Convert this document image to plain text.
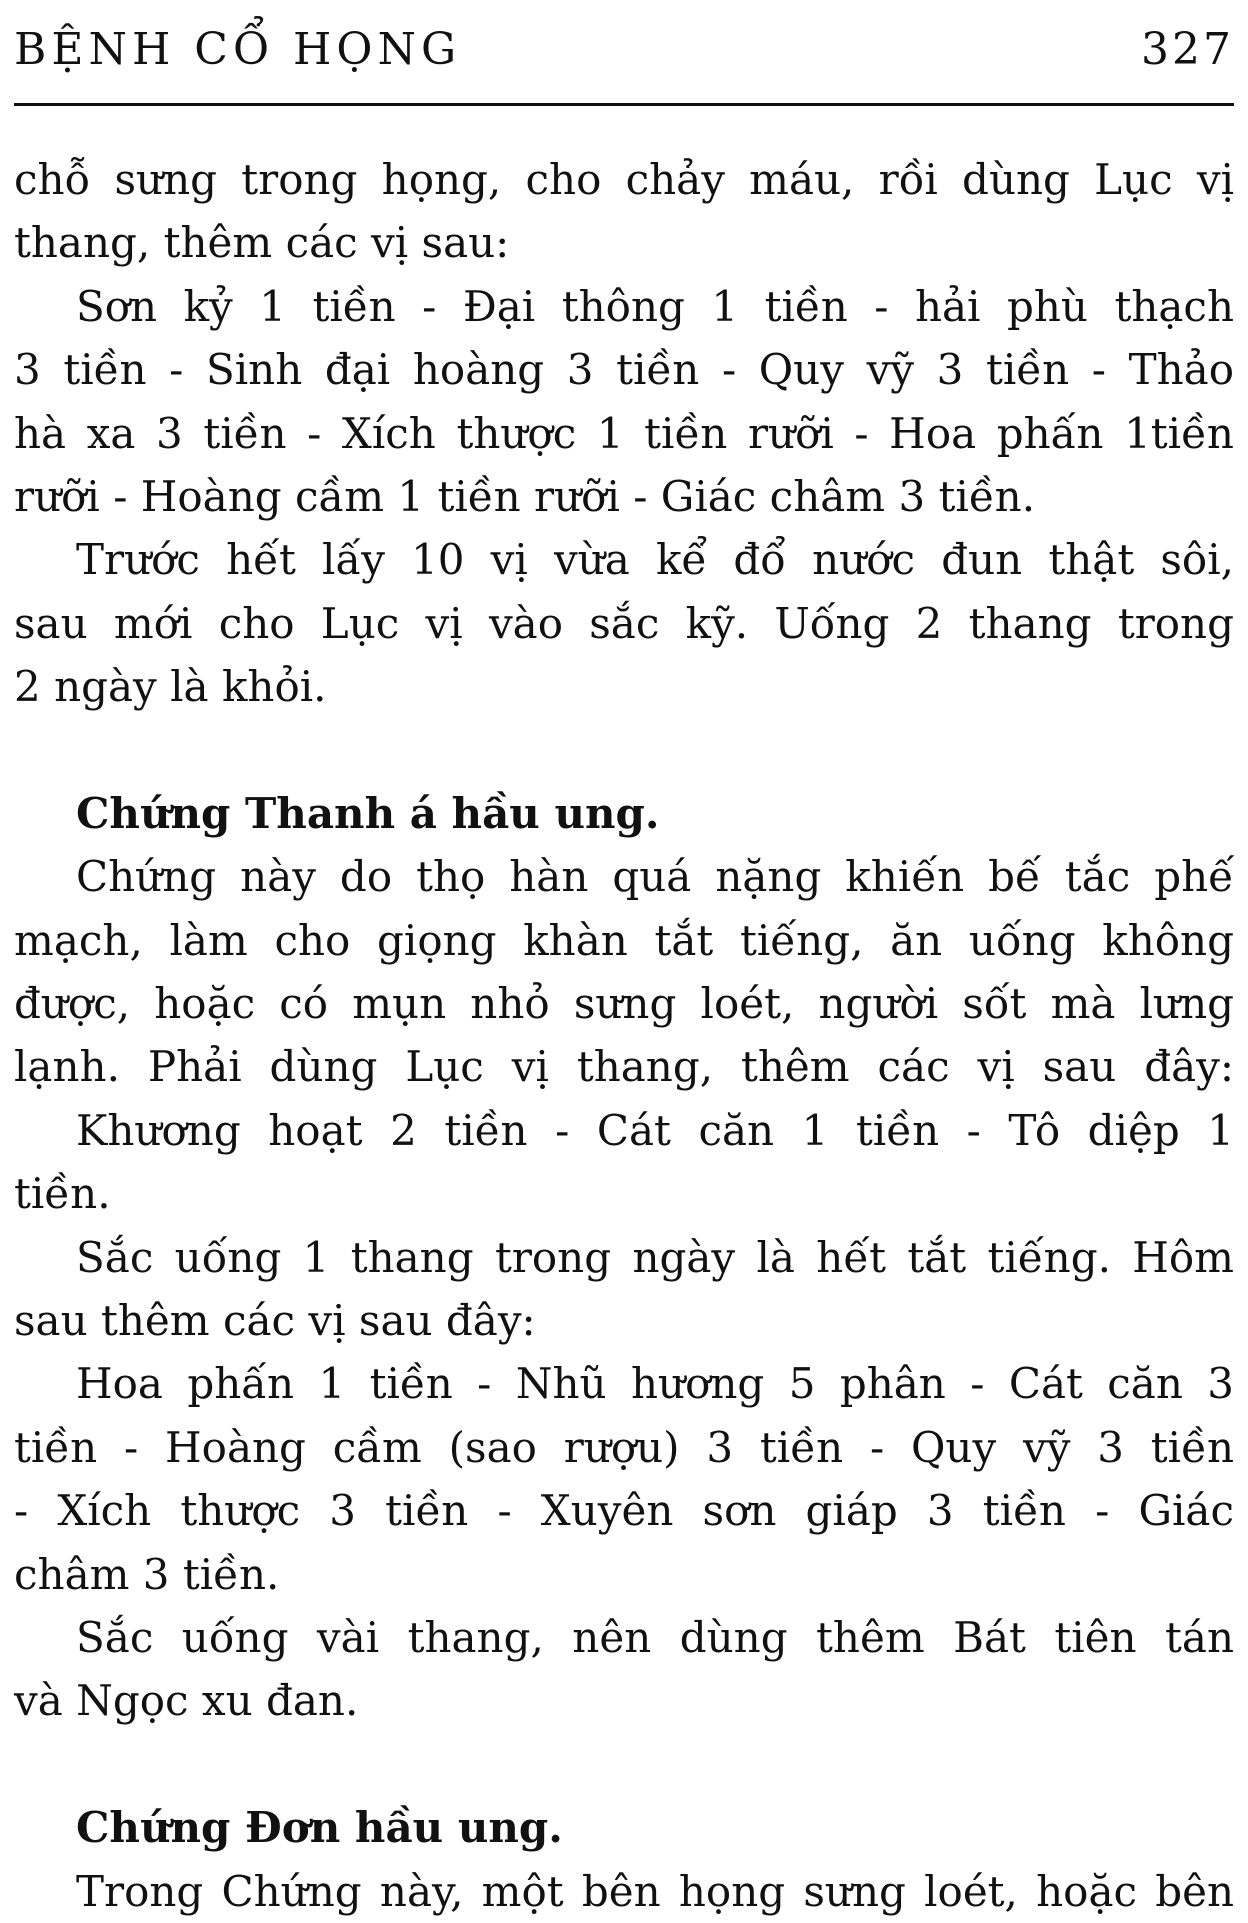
BỆNH CỔ HỌNG	327
chỗ sưng trong họng, cho chảy máu, rồi dùng Lục vị
thang, thêm các vị sau:
Sơn kỷ 1 tiền - Đại thông 1 tiền - hải phù thạch
3 tiền - Sinh đại hoàng 3 tiền - Quy vỹ 3 tiền - Thảo
hà xa 3 tiền - Xích thược 1 tiền rưỡi - Hoa phấn 1tiền
rưỡi - Hoàng cầm 1 tiền rưỡi - Giác châm 3 tiền.
Trước hết lấy 10 vị vừa kể đổ nước đun thật sôi,
sau mới cho Lục vị vào sắc kỹ. Uống 2 thang trong
2 ngày là khỏi.
Chứng Thanh á hầu ung.
Chứng này do thọ hàn quá nặng khiến bế tắc phế
mạch, làm cho giọng khàn tắt tiếng, ăn uống không
được, hoặc có mụn nhỏ sưng loét, người sốt mà lưng
lạnh. Phải dùng Lục vị thang, thêm các vị sau đây:
Khương hoạt 2 tiền - Cát căn 1 tiền - Tô diệp 1
tiền.
Sắc uống 1 thang trong ngày là hết tắt tiếng. Hôm
sau thêm các vị sau đây:
Hoa phấn 1 tiền - Nhũ hương 5 phân - Cát căn 3
tiền - Hoàng cầm (sao rượu) 3 tiền - Quy vỹ 3 tiền
- Xích thược 3 tiền - Xuyên sơn giáp 3 tiền - Giác
châm 3 tiền.
Sắc uống vài thang, nên dùng thêm Bát tiên tán
và Ngọc xu đan.
Chứng Đơn hầu ung.
Trong Chứng này, một bên họng sưng loét, hoặc bên
